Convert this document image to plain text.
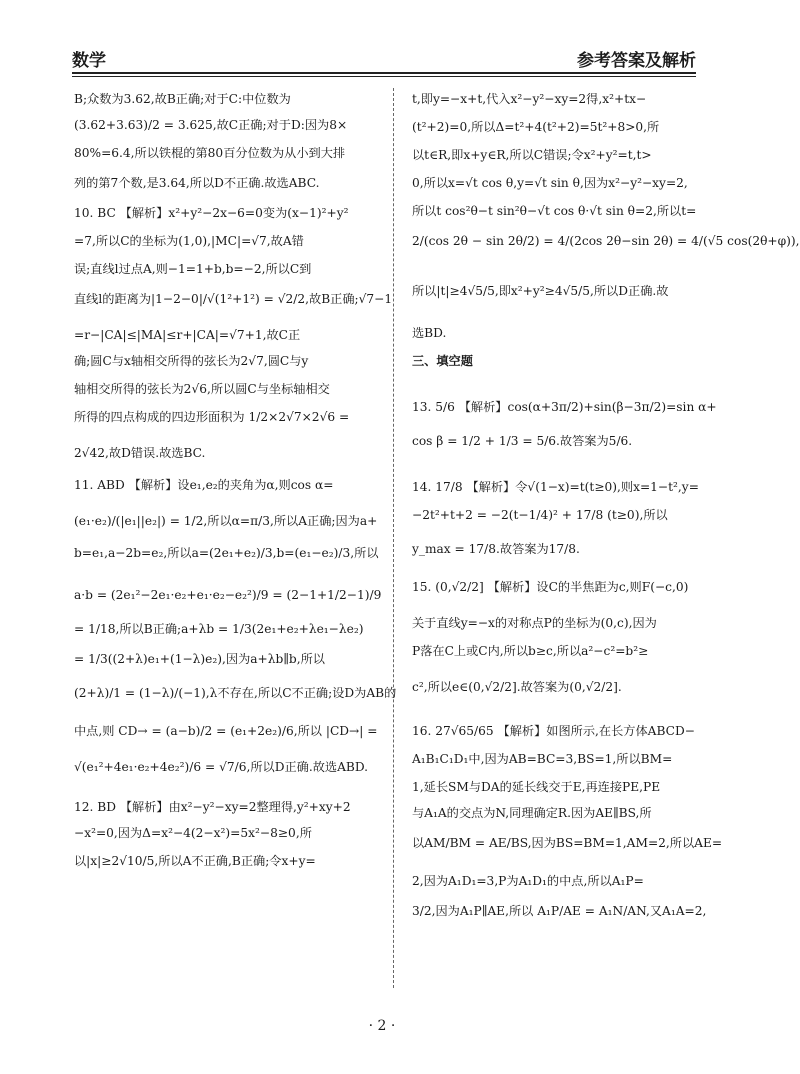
数学	参考答案及解析
B;众数为3.62,故B正确;对于C:中位数为
(3.62+3.63)/2 = 3.625,故C正确;对于D:因为8×
80%=6.4,所以铁棍的第80百分位数为从小到大排
列的第7个数,是3.64,所以D不正确.故选ABC.
10. BC 【解析】x²+y²−2x−6=0变为(x−1)²+y²
=7,所以C的坐标为(1,0),|MC|=√7,故A错
误;直线l过点A,则−1=1+b,b=−2,所以C到
直线l的距离为|1−2−0|/√(1²+1²) = √2/2,故B正确;√7−1
=r−|CA|≤|MA|≤r+|CA|=√7+1,故C正
确;圆C与x轴相交所得的弦长为2√7,圆C与y
轴相交所得的弦长为2√6,所以圆C与坐标轴相交
所得的四点构成的四边形面积为 1/2×2√7×2√6 =
2√42,故D错误.故选BC.
11. ABD 【解析】设e₁,e₂的夹角为α,则cos α=
(e₁·e₂)/(|e₁||e₂|) = 1/2,所以α=π/3,所以A正确;因为a+
b=e₁,a−2b=e₂,所以a=(2e₁+e₂)/3,b=(e₁−e₂)/3,所以
a·b = (2e₁²−2e₁·e₂+e₁·e₂−e₂²)/9 = (2−1+1/2−1)/9
= 1/18,所以B正确;a+λb = 1/3(2e₁+e₂+λe₁−λe₂)
= 1/3((2+λ)e₁+(1−λ)e₂),因为a+λb∥b,所以
(2+λ)/1 = (1−λ)/(−1),λ不存在,所以C不正确;设D为AB的
中点,则 CD→ = (a−b)/2 = (e₁+2e₂)/6,所以 |CD→| =
√(e₁²+4e₁·e₂+4e₂²)/6 = √7/6,所以D正确.故选ABD.
12. BD 【解析】由x²−y²−xy=2整理得,y²+xy+2
−x²=0,因为Δ=x²−4(2−x²)=5x²−8≥0,所
以|x|≥2√10/5,所以A不正确,B正确;令x+y=
t,即y=−x+t,代入x²−y²−xy=2得,x²+tx−
(t²+2)=0,所以Δ=t²+4(t²+2)=5t²+8>0,所
以t∈R,即x+y∈R,所以C错误;令x²+y²=t,t>
0,所以x=√t cos θ,y=√t sin θ,因为x²−y²−xy=2,
所以t cos²θ−t sin²θ−√t cos θ·√t sin θ=2,所以t=
2/(cos 2θ − sin 2θ/2) = 4/(2cos 2θ−sin 2θ) = 4/(√5 cos(2θ+φ)),
所以|t|≥4√5/5,即x²+y²≥4√5/5,所以D正确.故
选BD.
三、填空题
13. 5/6 【解析】cos(α+3π/2)+sin(β−3π/2)=sin α+
cos β = 1/2 + 1/3 = 5/6.故答案为5/6.
14. 17/8 【解析】令√(1−x)=t(t≥0),则x=1−t²,y=
−2t²+t+2 = −2(t−1/4)² + 17/8 (t≥0),所以
y_max = 17/8.故答案为17/8.
15. (0,√2/2] 【解析】设C的半焦距为c,则F(−c,0)
关于直线y=−x的对称点P的坐标为(0,c),因为
P落在C上或C内,所以b≥c,所以a²−c²=b²≥
c²,所以e∈(0,√2/2].故答案为(0,√2/2].
16. 27√65/65 【解析】如图所示,在长方体ABCD−
A₁B₁C₁D₁中,因为AB=BC=3,BS=1,所以BM=
1,延长SM与DA的延长线交于E,再连接PE,PE
与A₁A的交点为N,同理确定R.因为AE∥BS,所
以AM/BM = AE/BS,因为BS=BM=1,AM=2,所以AE=
2,因为A₁D₁=3,P为A₁D₁的中点,所以A₁P=
3/2,因为A₁P∥AE,所以 A₁P/AE = A₁N/AN,又A₁A=2,
· 2 ·
